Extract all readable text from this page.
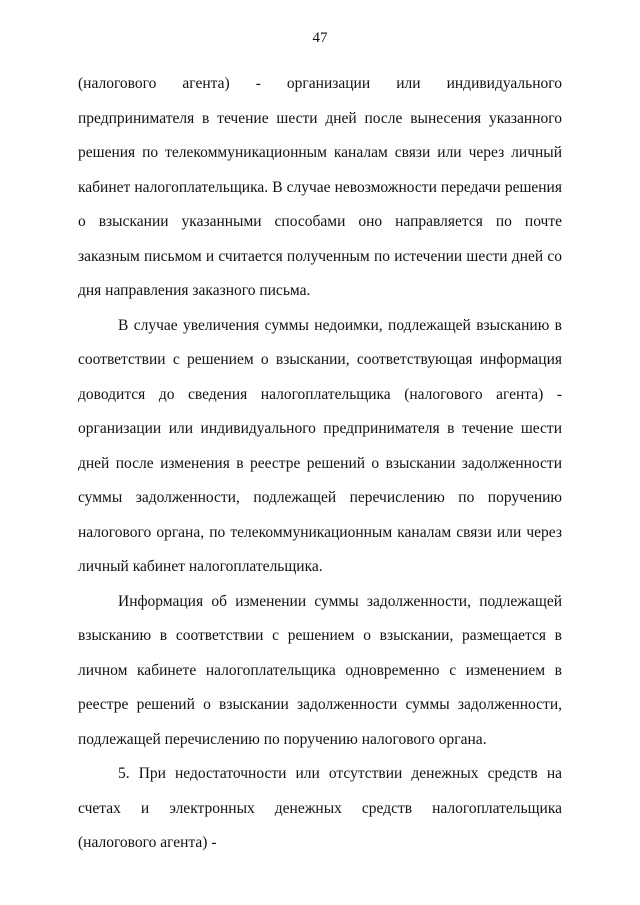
47

(налогового агента) - организации или индивидуального предпринимателя в течение шести дней после вынесения указанного решения по телекоммуникационным каналам связи или через личный кабинет налогоплательщика. В случае невозможности передачи решения о взыскании указанными способами оно направляется по почте заказным письмом и считается полученным по истечении шести дней со дня направления заказного письма.

В случае увеличения суммы недоимки, подлежащей взысканию в соответствии с решением о взыскании, соответствующая информация доводится до сведения налогоплательщика (налогового агента) - организации или индивидуального предпринимателя в течение шести дней после изменения в реестре решений о взыскании задолженности суммы задолженности, подлежащей перечислению по поручению налогового органа, по телекоммуникационным каналам связи или через личный кабинет налогоплательщика.

Информация об изменении суммы задолженности, подлежащей взысканию в соответствии с решением о взыскании, размещается в личном кабинете налогоплательщика одновременно с изменением в реестре решений о взыскании задолженности суммы задолженности, подлежащей перечислению по поручению налогового органа.

5. При недостаточности или отсутствии денежных средств на счетах и электронных денежных средств налогоплательщика (налогового агента) -
